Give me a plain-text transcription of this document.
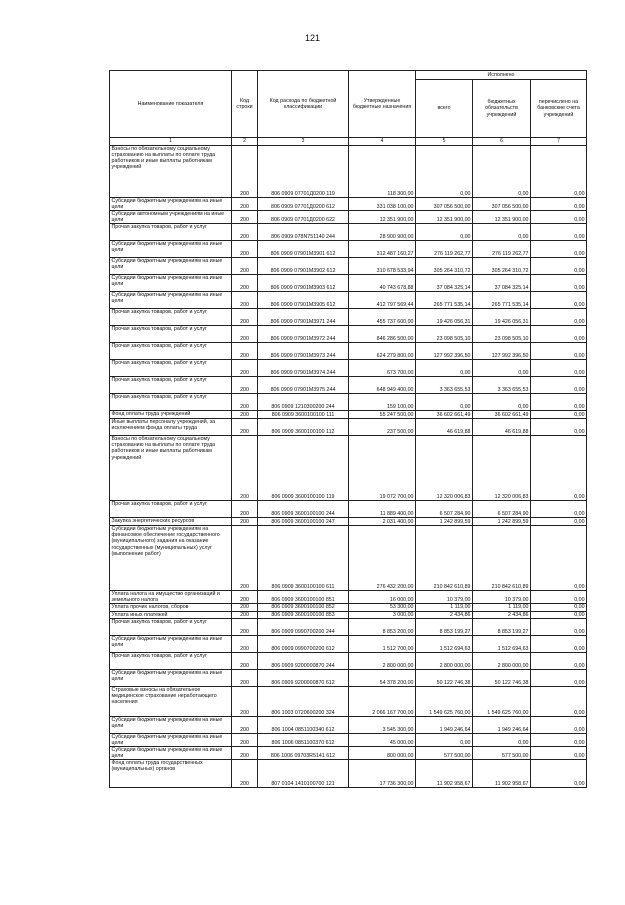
121
Наименование показателя	Код строки	Код расхода по бюджетной классификации	Утвержденные бюджетные назначения	Исполнено		
				всего	бюджетных обязательств учреждений	перечислено на банковские счета учреждений
1	2	3	4	5	6	7
Взносы по обязательному социальному страхованию на выплаты по оплате труда работников и иные выплаты работникам учреждений	200	806 0909 07701Д0200 119	118 300,00	0,00	0,00	0,00
Субсидии бюджетным учреждениям на иные цели	200	806 0909 07701Д0200 612	331 038 100,00	307 056 500,00	307 056 500,00	0,00
Субсидии автономным учреждениям на иные цели	200	806 0909 07701Д0200 622	12 351 900,00	12 351 900,00	12 351 900,00	0,00
Прочая закупка товаров, работ и услуг	200	806 0909 078N751140 244	28 900 900,00	0,00	0,00	0,00
Субсидии бюджетным учреждениям на иные цели	200	806 0909 07901М3901 612	312 487 160,27	276 119 262,77	276 119 262,77	0,00
Субсидии бюджетным учреждениям на иные цели	200	806 0909 07901М3902 612	310 678 533,94	305 264 310,72	305 264 310,72	0,00
Субсидии бюджетным учреждениям на иные цели	200	806 0909 07901М3903 612	40 743 678,88	37 084 325,14	37 084 325,14	0,00
Субсидии бюджетным учреждениям на иные цели	200	806 0909 07901М3905 612	412 797 569,44	265 771 535,14	265 771 535,14	0,00
Прочая закупка товаров, работ и услуг	200	806 0909 07901М3971 244	455 737 600,00	19 426 056,31	19 426 056,31	0,00
Прочая закупка товаров, работ и услуг	200	806 0909 07901М3972 244	846 286 500,00	23 098 505,10	23 098 505,10	0,00
Прочая закупка товаров, работ и услуг	200	806 0909 07901М3973 244	624 279 800,00	127 992 396,50	127 992 396,50	0,00
Прочая закупка товаров, работ и услуг	200	806 0909 07901М3974 244	673 700,00	0,00	0,00	0,00
Прочая закупка товаров, работ и услуг	200	806 0909 07901М3975 244	648 949 400,00	3 363 655,53	3 363 655,53	0,00
Прочая закупка товаров, работ и услуг	200	806 0909 1210300200 244	159 100,00	0,00	0,00	0,00
Фонд оплаты труда учреждений	200	806 0909 3600100100 111	55 247 500,00	36 602 661,49	36 602 661,49	0,00
Иные выплаты персоналу учреждений, за исключением фонда оплаты труда	200	806 0909 3600100100 112	237 500,00	46 619,88	46 619,88	0,00
Взносы по обязательному социальному страхованию на выплаты по оплате труда работников и иные выплаты работникам учреждений	200	806 0909 3600100100 119	19 072 700,00	12 320 006,83	12 320 006,83	0,00
Прочая закупка товаров, работ и услуг	200	806 0909 3600100100 244	11 889 400,00	6 507 284,90	6 507 284,90	0,00
Закупка энергетических ресурсов	200	806 0909 3600100100 247	2 031 400,00	1 242 899,59	1 242 899,59	0,00
Субсидии бюджетным учреждениям на финансовое обеспечение государственного (муниципального) задания на оказание государственных (муниципальных) услуг (выполнение работ)	200	806 0909 3600100100 611	276 432 200,00	210 842 610,89	210 842 610,89	0,00
Уплата налога на имущество организаций и земельного налога	200	806 0909 3600100100 851	16 000,00	10 379,00	10 379,00	0,00
Уплата прочих налогов, сборов	200	806 0909 3600100100 852	53 300,00	1 119,00	1 119,00	0,00
Уплата иных платежей	200	806 0909 3600100100 853	3 000,00	2 434,86	2 434,86	0,00
Прочая закупка товаров, работ и услуг	200	806 0909 0990700200 244	8 853 200,00	8 853 199,27	8 853 199,27	0,00
Субсидии бюджетным учреждениям на иные цели	200	806 0909 0990700200 612	1 512 700,00	1 512 694,63	1 512 694,63	0,00
Прочая закупка товаров, работ и услуг	200	806 0909 9200000870 244	2 800 000,00	2 800 000,00	2 800 000,00	0,00
Субсидии бюджетным учреждениям на иные цели	200	806 0909 9200000870 612	54 378 200,00	50 122 746,38	50 122 746,38	0,00
Страховые взносы на обязательное медицинское страхование неработающего населения	200	806 1003 0720600200 324	2 066 167 700,00	1 549 625 760,00	1 549 625 760,00	0,00
Субсидии бюджетным учреждениям на иные цели	200	806 1004 0851100340 612	3 545 300,00	1 949 246,64	1 949 246,64	0,00
Субсидии бюджетным учреждениям на иные цели	200	806 1006 0851100370 612	45 000,00	0,00	0,00	0,00
Субсидии бюджетным учреждениям на иные цели	200	806 1006 09703R5141 612	800 000,00	577 500,00	577 500,00	0,00
Фонд оплаты труда государственных (муниципальных) органов	200	807 0104 1410100700 121	17 736 300,00	11 902 958,67	11 902 958,67	0,00
